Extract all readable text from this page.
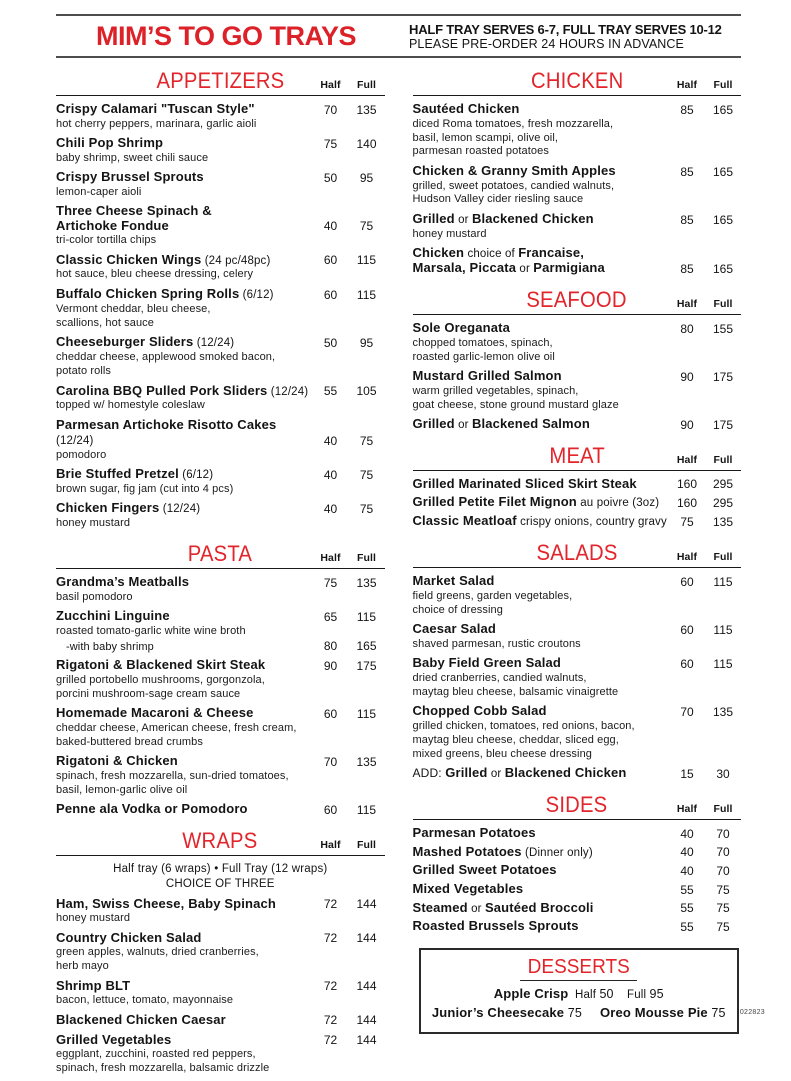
MIM’S TO GO TRAYS	HALF TRAY SERVES 6-7, FULL TRAY SERVES 10-12
PLEASE PRE-ORDER 24 HOURS IN ADVANCE
APPETIZERS	Half	Full
Crispy Calamari "Tuscan Style"	70	135
hot cherry peppers, marinara, garlic aioli
Chili Pop Shrimp	75	140
baby shrimp, sweet chili sauce
Crispy Brussel Sprouts	50	95
lemon-caper aioli
Three Cheese Spinach &
Artichoke Fondue	40	75
tri-color tortilla chips
Classic Chicken Wings (24 pc/48pc)	60	115
hot sauce, bleu cheese dressing, celery
Buffalo Chicken Spring Rolls (6/12)	60	115
Vermont cheddar, bleu cheese,
scallions, hot sauce
Cheeseburger Sliders (12/24)	50	95
cheddar cheese, applewood smoked bacon,
potato rolls
Carolina BBQ Pulled Pork Sliders (12/24)	55	105
topped w/ homestyle coleslaw
Parmesan Artichoke Risotto Cakes (12/24)	40	75
pomodoro
Brie Stuffed Pretzel (6/12)	40	75
brown sugar, fig jam (cut into 4 pcs)
Chicken Fingers (12/24)	40	75
honey mustard
PASTA	Half	Full
Grandma’s Meatballs	75	135
basil pomodoro
Zucchini Linguine	65	115
roasted tomato-garlic white wine broth
-with baby shrimp	80	165
Rigatoni & Blackened Skirt Steak	90	175
grilled portobello mushrooms, gorgonzola,
porcini mushroom-sage cream sauce
Homemade Macaroni & Cheese	60	115
cheddar cheese, American cheese, fresh cream,
baked-buttered bread crumbs
Rigatoni & Chicken	70	135
spinach, fresh mozzarella, sun-dried tomatoes,
basil, lemon-garlic olive oil
Penne ala Vodka or Pomodoro	60	115
WRAPS	Half	Full
Half tray (6 wraps) • Full Tray (12 wraps)
CHOICE OF THREE
Ham, Swiss Cheese, Baby Spinach	72	144
honey mustard
Country Chicken Salad	72	144
green apples, walnuts, dried cranberries,
herb mayo
Shrimp BLT	72	144
bacon, lettuce, tomato, mayonnaise
Blackened Chicken Caesar	72	144
Grilled Vegetables	72	144
eggplant, zucchini, roasted red peppers,
spinach, fresh mozzarella, balsamic drizzle
CHICKEN	Half	Full
Sautéed Chicken	85	165
diced Roma tomatoes, fresh mozzarella,
basil, lemon scampi, olive oil,
parmesan roasted potatoes
Chicken & Granny Smith Apples	85	165
grilled, sweet potatoes, candied walnuts,
Hudson Valley cider riesling sauce
Grilled or Blackened Chicken	85	165
honey mustard
Chicken choice of Francaise,
Marsala, Piccata or Parmigiana	85	165
SEAFOOD	Half	Full
Sole Oreganata	80	155
chopped tomatoes, spinach,
roasted garlic-lemon olive oil
Mustard Grilled Salmon	90	175
warm grilled vegetables, spinach,
goat cheese, stone ground mustard glaze
Grilled or Blackened Salmon	90	175
MEAT	Half	Full
Grilled Marinated Sliced Skirt Steak	160	295
Grilled Petite Filet Mignon au poivre (3oz)	160	295
Classic Meatloaf crispy onions, country gravy	75	135
SALADS	Half	Full
Market Salad	60	115
field greens, garden vegetables,
choice of dressing
Caesar Salad	60	115
shaved parmesan, rustic croutons
Baby Field Green Salad	60	115
dried cranberries, candied walnuts,
maytag bleu cheese, balsamic vinaigrette
Chopped Cobb Salad	70	135
grilled chicken, tomatoes, red onions, bacon,
maytag bleu cheese, cheddar, sliced egg,
mixed greens, bleu cheese dressing
ADD: Grilled or Blackened Chicken	15	30
SIDES	Half	Full
Parmesan Potatoes	40	70
Mashed Potatoes (Dinner only)	40	70
Grilled Sweet Potatoes	40	70
Mixed Vegetables	55	75
Steamed or Sautéed Broccoli	55	75
Roasted Brussels Sprouts	55	75
DESSERTS
Apple Crisp  Half 50    Full 95
Junior’s Cheesecake 75 Oreo Mousse Pie 75	022823
